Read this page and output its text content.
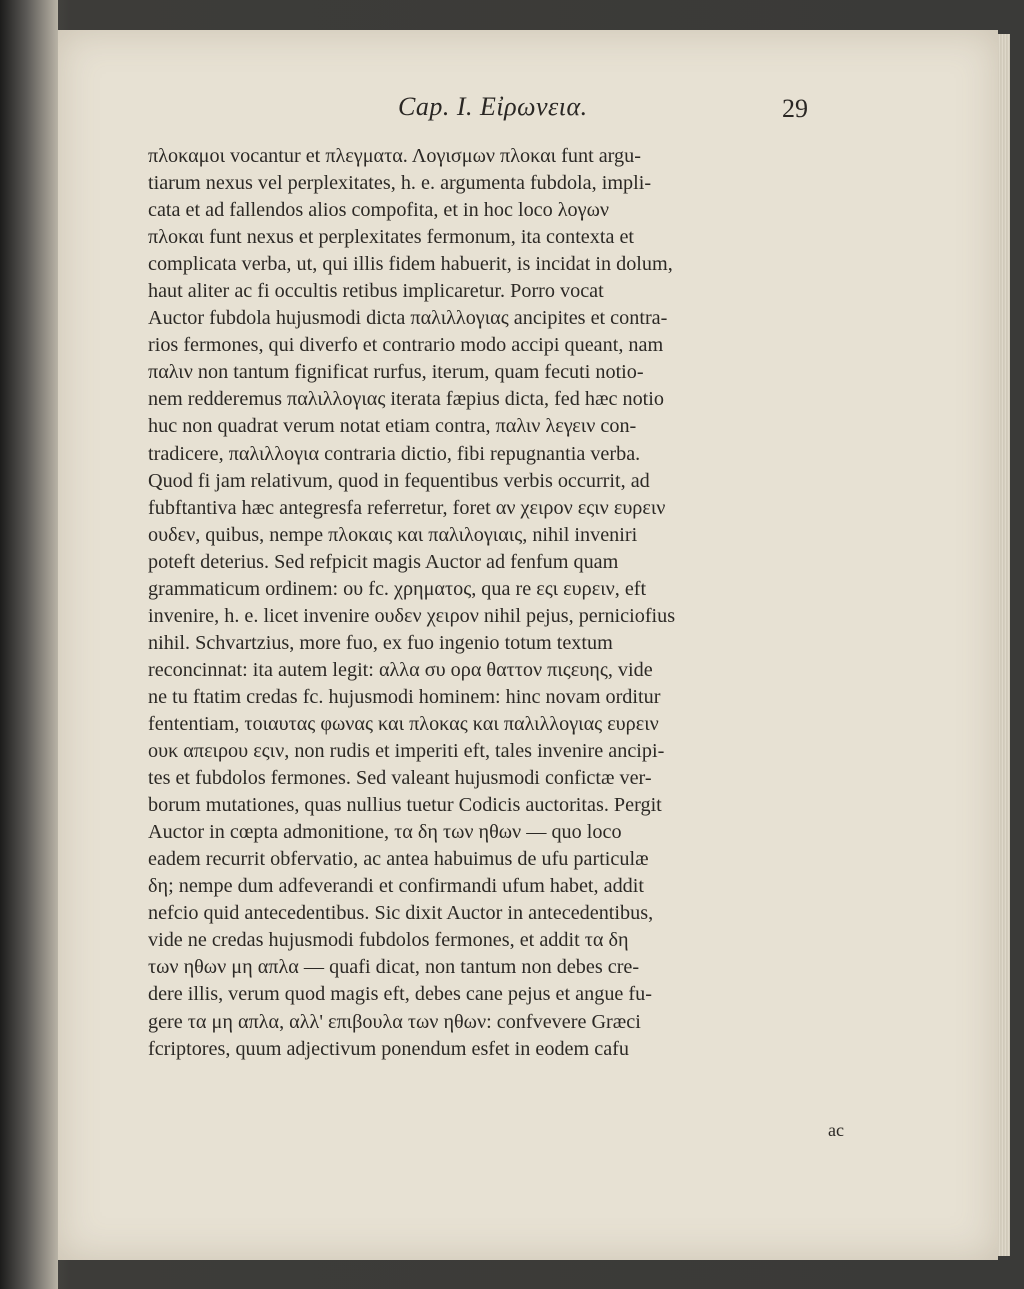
Cap. I. Εἰρωνεια.	29
πλοκαμοι vocantur et πλεγματα. Λογισμων πλοκαι funt argu-
tiarum nexus vel perplexitates, h. e. argumenta fubdola, impli-
cata et ad fallendos alios compofita, et in hoc loco λογων
πλοκαι funt nexus et perplexitates fermonum, ita contexta et
complicata verba, ut, qui illis fidem habuerit, is incidat in dolum,
haut aliter ac fi occultis retibus implicaretur. Porro vocat
Auctor fubdola hujusmodi dicta παλιλλογιας ancipites et contra-
rios fermones, qui diverfo et contrario modo accipi queant, nam
παλιν non tantum fignificat rurfus, iterum, quam fecuti notio-
nem redderemus παλιλλογιας iterata fæpius dicta, fed hæc notio
huc non quadrat verum notat etiam contra, παλιν λεγειν con-
tradicere, παλιλλογια contraria dictio, fibi repugnantia verba.
Quod fi jam relativum, quod in fequentibus verbis occurrit, ad
fubftantiva hæc antegresfa referretur, foret αν χειρον εςιν ευρειν
ουδεν, quibus, nempe πλοκαις και παλιλογιαις, nihil inveniri
poteft deterius. Sed refpicit magis Auctor ad fenfum quam
grammaticum ordinem: ου fc. χρηματος, qua re εςι ευρειν, eft
invenire, h. e. licet invenire ουδεν χειρον nihil pejus, perniciofius
nihil. Schvartzius, more fuo, ex fuo ingenio totum textum
reconcinnat: ita autem legit: αλλα συ ορα θαττον πιςευης, vide
ne tu ftatim credas fc. hujusmodi hominem: hinc novam orditur
fententiam, τοιαυτας φωνας και πλοκας και παλιλλογιας ευρειν
ουκ απειρου εςιν, non rudis et imperiti eft, tales invenire ancipi-
tes et fubdolos fermones. Sed valeant hujusmodi confictæ ver-
borum mutationes, quas nullius tuetur Codicis auctoritas. Pergit
Auctor in cœpta admonitione, τα δη των ηθων — quo loco
eadem recurrit obfervatio, ac antea habuimus de ufu particulæ
δη; nempe dum adfeverandi et confirmandi ufum habet, addit
nefcio quid antecedentibus. Sic dixit Auctor in antecedentibus,
vide ne credas hujusmodi fubdolos fermones, et addit τα δη
των ηθων μη απλα — quafi dicat, non tantum non debes cre-
dere illis, verum quod magis eft, debes cane pejus et angue fu-
gere τα μη απλα, αλλ' επιβουλα των ηθων: confvevere Græci
fcriptores, quum adjectivum ponendum esfet in eodem cafu
ac
